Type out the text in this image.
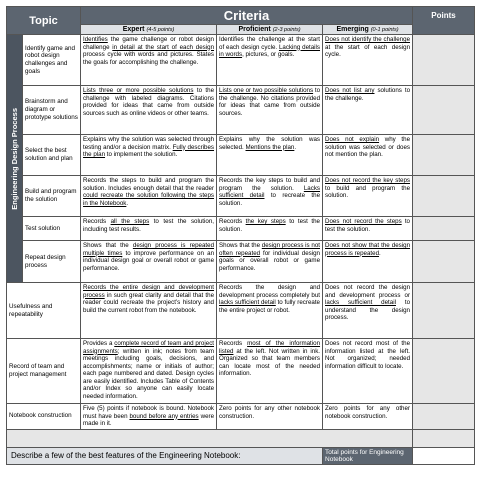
Topic		Criteria			Points
		Expert (4-5 points)	Proficient (2-3 points)	Emerging (0-1 points)	

Engineering Design Process	Identify game and robot design challenges and goals	Identifies the game challenge or robot design challenge in detail at the start of each design process cycle with words and pictures. States the goals for accomplishing the challenge.	Identifies the challenge at the start of each design cycle. Lacking details in words, pictures, or goals.	Does not identify the challenge at the start of each design cycle.	
	Brainstorm and diagram or prototype solutions	Lists three or more possible solutions to the challenge with labeled diagrams. Citations provided for ideas that came from outside sources such as online videos or other teams.	Lists one or two possible solutions to the challenge. No citations provided for ideas that came from outside sources.	Does not list any solutions to the challenge.	
	Select the best solution and plan	Explains why the solution was selected through testing and/or a decision matrix. Fully describes the plan to implement the solution.	Explains why the solution was selected. Mentions the plan.	Does not explain why the solution was selected or does not mention the plan.	
	Build and program the solution	Records the steps to build and program the solution. Includes enough detail that the reader could recreate the solution following the steps in the Notebook.	Records the key steps to build and program the solution. Lacks sufficient detail to recreate the solution.	Does not record the key steps to build and program the solution.	
	Test solution	Records all the steps to test the solution, including test results.	Records the key steps to test the solution.	Does not record the steps to test the solution.	
	Repeat design process	Shows that the design process is repeated multiple times to improve performance on an individual design goal or overall robot or game performance.	Shows that the design process is not often repeated for individual design goals or overall robot or game performance.	Does not show that the design process is repeated.	
Usefulness and repeatability		Records the entire design and development process in such great clarity and detail that the reader could recreate the project’s history and build the current robot from the notebook.	Records the design and development process completely but lacks sufficient detail to fully recreate the entire project or robot.	Does not record the design and development process or lacks sufficient detail to understand the design process.	
Record of team and project management		Provides a complete record of team and project assignments; written in ink; notes from team meetings including goals, decisions, and accomplishments; name or initials of author; each page numbered and dated. Design cycles are easily identified. Includes Table of Contents and/or Index so anyone can easily locate needed information.	Records most of the information listed at the left. Not written in ink. Organized so that team members can locate most of the needed information.	Does not record most of the information listed at the left. Not organized; needed information difficult to locate.	
Notebook construction		Five (5) points if notebook is bound. Notebook must have been bound before any entries were made in it.	Zero points for any other notebook construction.	Zero points for any other notebook construction.	

Describe a few of the best features of the Engineering Notebook:				Total points for Engineering Notebook	
